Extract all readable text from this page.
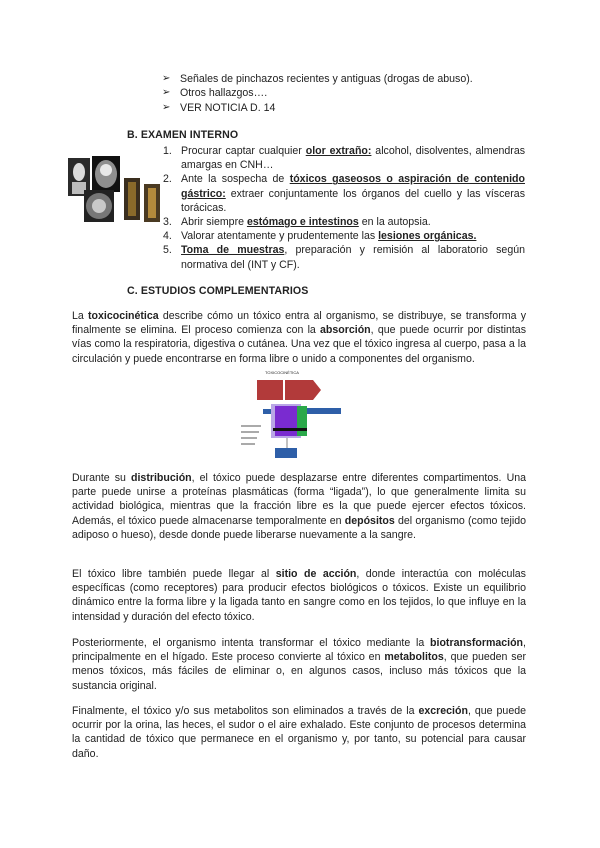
➢ Señales de pinchazos recientes y antiguas (drogas de abuso).
➢ Otros hallazgos….
➢ VER NOTICIA D. 14
B. EXAMEN INTERNO
1. Procurar captar cualquier olor extraño: alcohol, disolventes, almendras amargas en CNH…
2. Ante la sospecha de tóxicos gaseosos o aspiración de contenido gástrico: extraer conjuntamente los órganos del cuello y las vísceras torácicas.
3. Abrir siempre estómago e intestinos en la autopsia.
4. Valorar atentamente y prudentemente las lesiones orgánicas.
5. Toma de muestras, preparación y remisión al laboratorio según normativa del (INT y CF).
C. ESTUDIOS COMPLEMENTARIOS

La toxicocinética describe cómo un tóxico entra al organismo, se distribuye, se transforma y finalmente se elimina. El proceso comienza con la absorción, que puede ocurrir por distintas vías como la respiratoria, digestiva o cutánea. Una vez que el tóxico ingresa al cuerpo, pasa a la circulación y puede encontrarse en forma libre o unido a componentes del organismo.

TOXICOCINÉTICA

Durante su distribución, el tóxico puede desplazarse entre diferentes compartimentos. Una parte puede unirse a proteínas plasmáticas (forma “ligada”), lo que generalmente limita su actividad biológica, mientras que la fracción libre es la que puede ejercer efectos tóxicos. Además, el tóxico puede almacenarse temporalmente en depósitos del organismo (como tejido adiposo o hueso), desde donde puede liberarse nuevamente a la sangre.

El tóxico libre también puede llegar al sitio de acción, donde interactúa con moléculas específicas (como receptores) para producir efectos biológicos o tóxicos. Existe un equilibrio dinámico entre la forma libre y la ligada tanto en sangre como en los tejidos, lo que influye en la intensidad y duración del efecto tóxico.

Posteriormente, el organismo intenta transformar el tóxico mediante la biotransformación, principalmente en el hígado. Este proceso convierte al tóxico en metabolitos, que pueden ser menos tóxicos, más fáciles de eliminar o, en algunos casos, incluso más tóxicos que la sustancia original.

Finalmente, el tóxico y/o sus metabolitos son eliminados a través de la excreción, que puede ocurrir por la orina, las heces, el sudor o el aire exhalado. Este conjunto de procesos determina la cantidad de tóxico que permanece en el organismo y, por tanto, su potencial para causar daño.
